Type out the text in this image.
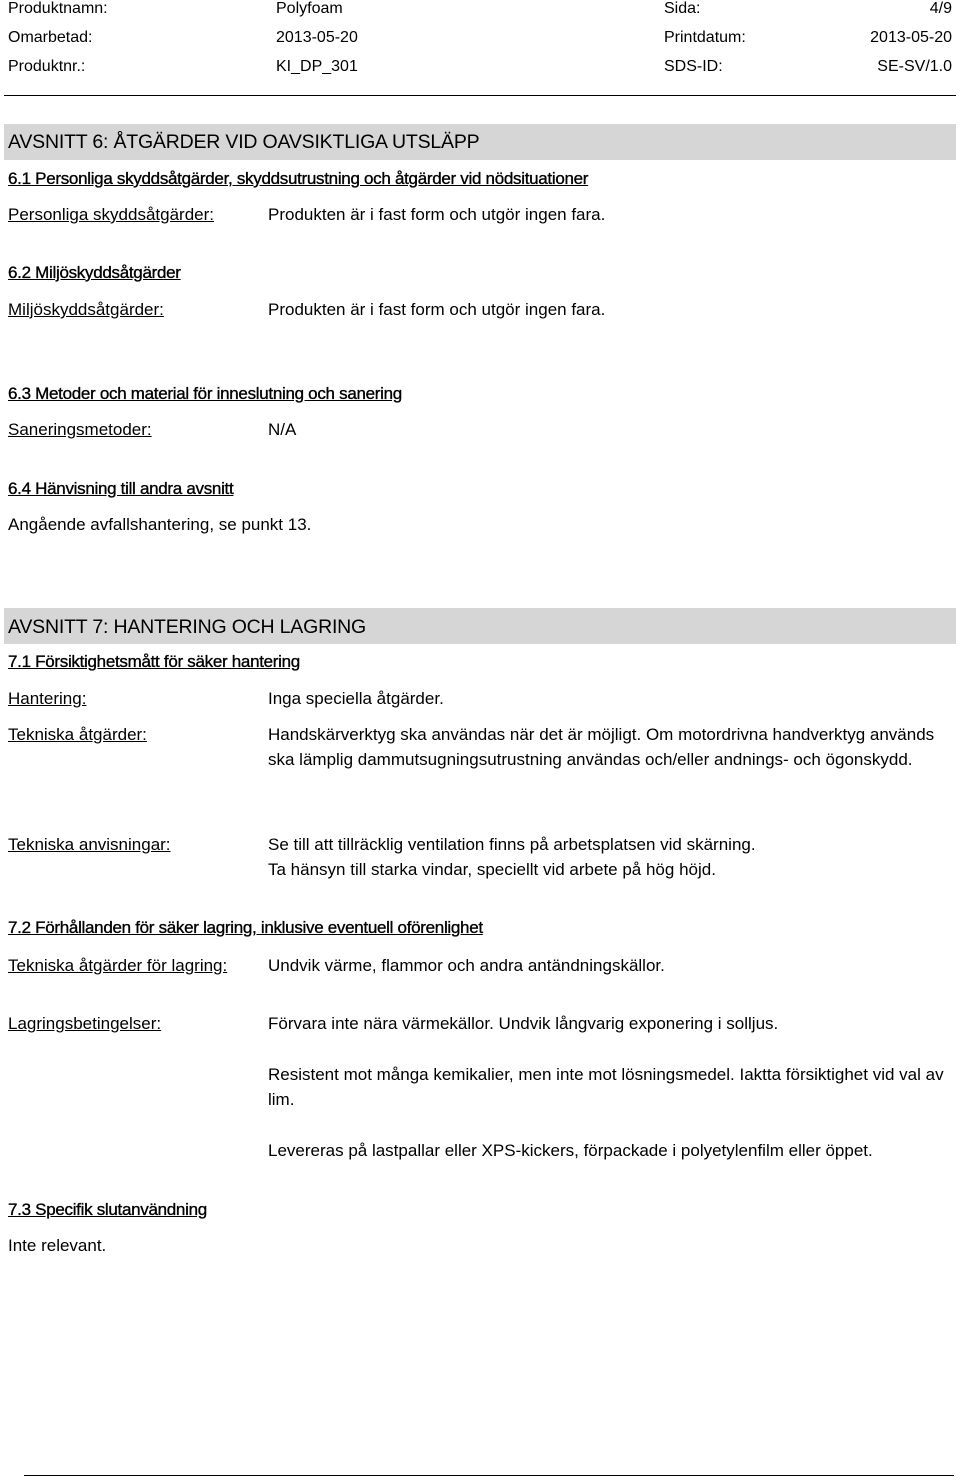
Produktnamn:	Polyfoam	Sida:	4/9
Omarbetad:	2013-05-20	Printdatum:	2013-05-20
Produktnr.:	KI_DP_301	SDS-ID:	SE-SV/1.0
AVSNITT 6: ÅTGÄRDER VID OAVSIKTLIGA UTSLÄPP
6.1 Personliga skyddsåtgärder, skyddsutrustning och åtgärder vid nödsituationer
Personliga skyddsåtgärder:	Produkten är i fast form och utgör ingen fara.
6.2 Miljöskyddsåtgärder
Miljöskyddsåtgärder:	Produkten är i fast form och utgör ingen fara.
6.3 Metoder och material för inneslutning och sanering
Saneringsmetoder:	N/A
6.4 Hänvisning till andra avsnitt
Angående avfallshantering, se punkt 13.
AVSNITT 7: HANTERING OCH LAGRING
7.1 Försiktighetsmått för säker hantering
Hantering:	Inga speciella åtgärder.
Tekniska åtgärder:	Handskärverktyg ska användas när det är möjligt. Om motordrivna handverktyg används ska lämplig dammutsugningsutrustning användas och/eller andnings- och ögonskydd.
Tekniska anvisningar:	Se till att tillräcklig ventilation finns på arbetsplatsen vid skärning.
Ta hänsyn till starka vindar, speciellt vid arbete på hög höjd.
7.2 Förhållanden för säker lagring, inklusive eventuell oförenlighet
Tekniska åtgärder för lagring: Undvik värme, flammor och andra antändningskällor.
Lagringsbetingelser:	Förvara inte nära värmekällor. Undvik långvarig exponering i solljus.
Resistent mot många kemikalier, men inte mot lösningsmedel. Iaktta försiktighet vid val av lim.
Levereras på lastpallar eller XPS-kickers, förpackade i polyetylenfilm eller öppet.
7.3 Specifik slutanvändning
Inte relevant.
